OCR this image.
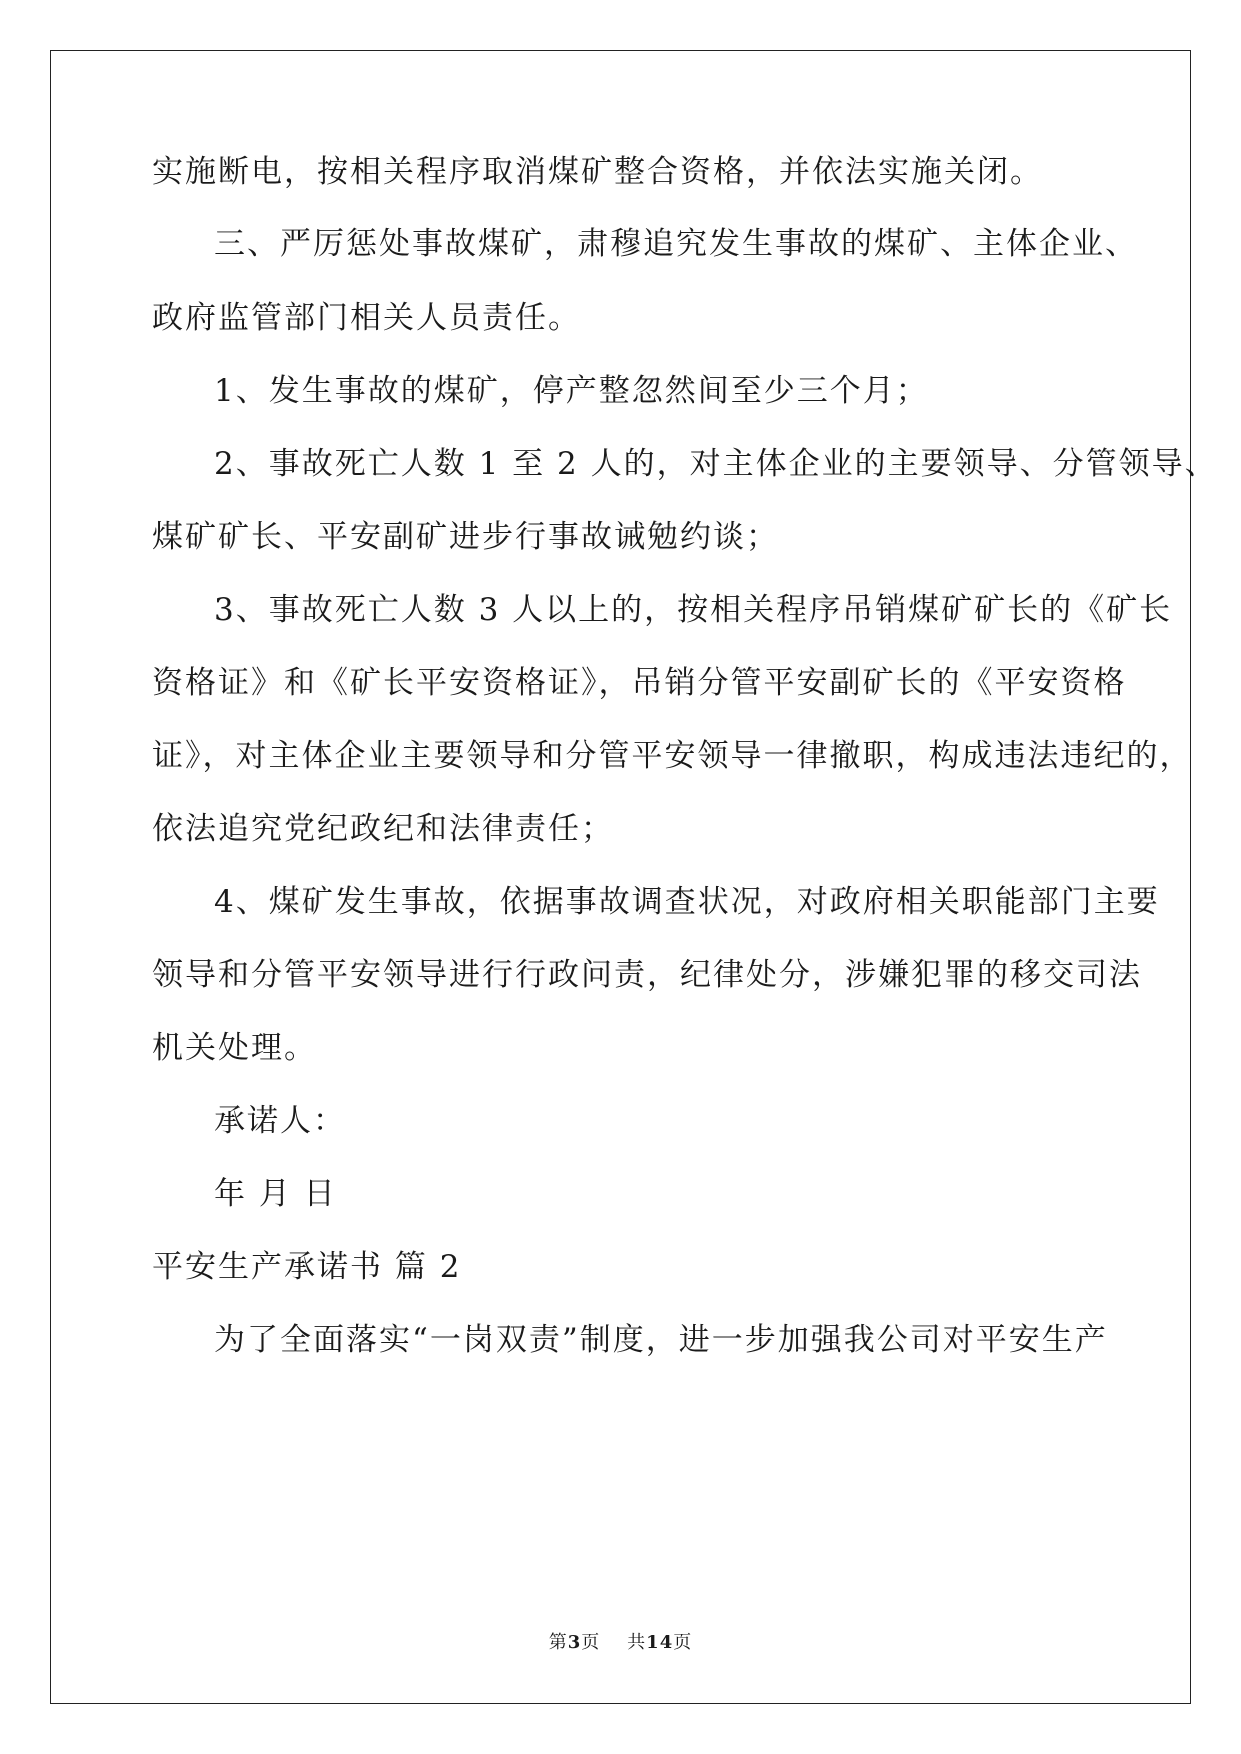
实施断电，按相关程序取消煤矿整合资格，并依法实施关闭。
三、严厉惩处事故煤矿，肃穆追究发生事故的煤矿、主体企业、
政府监管部门相关人员责任。
1、发生事故的煤矿，停产整忽然间至少三个月；
2、事故死亡人数 1 至 2 人的，对主体企业的主要领导、分管领导、
煤矿矿长、平安副矿进步行事故诫勉约谈；
3、事故死亡人数 3 人以上的，按相关程序吊销煤矿矿长的《矿长
资格证》和《矿长平安资格证》，吊销分管平安副矿长的《平安资格
证》，对主体企业主要领导和分管平安领导一律撤职，构成违法违纪的，
依法追究党纪政纪和法律责任；
4、煤矿发生事故，依据事故调查状况，对政府相关职能部门主要
领导和分管平安领导进行行政问责，纪律处分，涉嫌犯罪的移交司法
机关处理。
承诺人：
年 月 日
平安生产承诺书 篇 2
为了全面落实“一岗双责”制度，进一步加强我公司对平安生产
第3页    共14页
